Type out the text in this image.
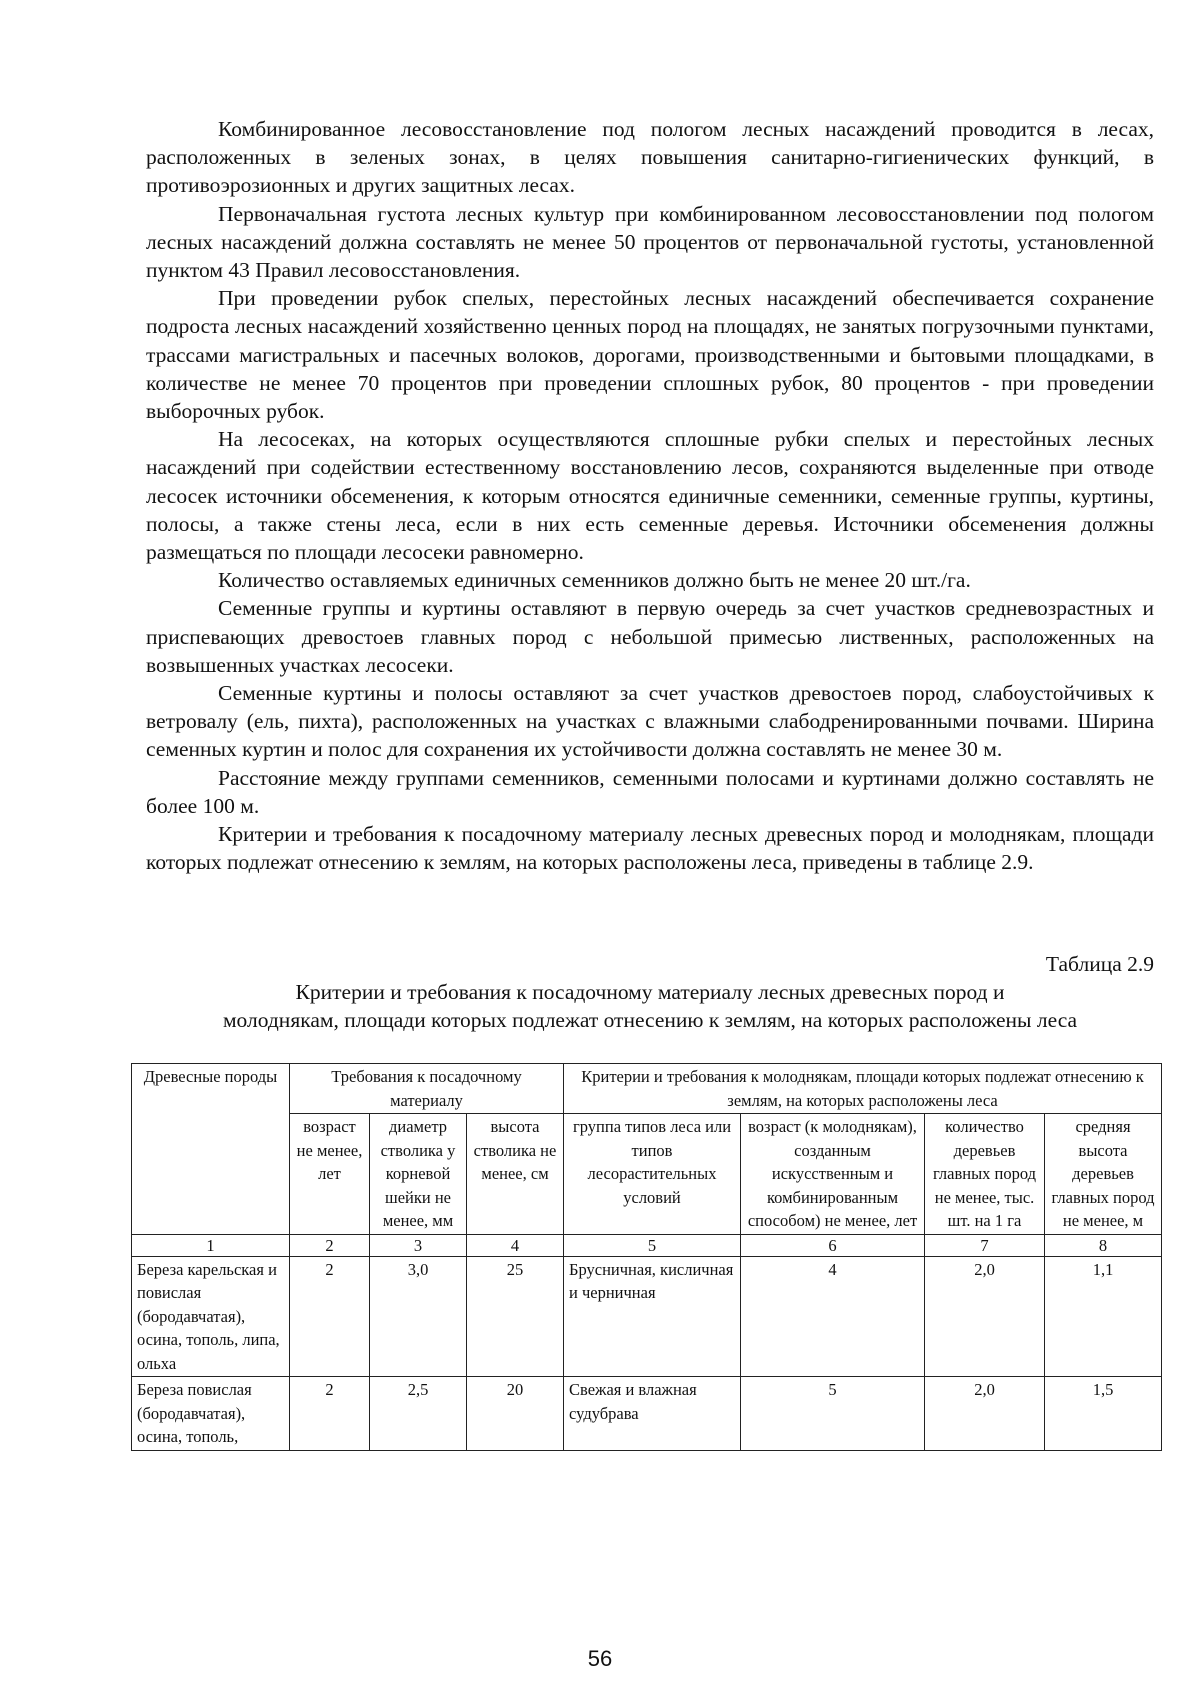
Комбинированное лесовосстановление под пологом лесных насаждений проводится в лесах, расположенных в зеленых зонах, в целях повышения санитарно-гигиенических функций, в противоэрозионных и других защитных лесах.

Первоначальная густота лесных культур при комбинированном лесовосстановлении под пологом лесных насаждений должна составлять не менее 50 процентов от первоначальной густоты, установленной пунктом 43 Правил лесовосстановления.

При проведении рубок спелых, перестойных лесных насаждений обеспечивается сохранение подроста лесных насаждений хозяйственно ценных пород на площадях, не занятых погрузочными пунктами, трассами магистральных и пасечных волоков, дорогами, производственными и бытовыми площадками, в количестве не менее 70 процентов при проведении сплошных рубок, 80 процентов - при проведении выборочных рубок.

На лесосеках, на которых осуществляются сплошные рубки спелых и перестойных лесных насаждений при содействии естественному восстановлению лесов, сохраняются выделенные при отводе лесосек источники обсеменения, к которым относятся единичные семенники, семенные группы, куртины, полосы, а также стены леса, если в них есть семенные деревья. Источники обсеменения должны размещаться по площади лесосеки равномерно.

Количество оставляемых единичных семенников должно быть не менее 20 шт./га.

Семенные группы и куртины оставляют в первую очередь за счет участков средневозрастных и приспевающих древостоев главных пород с небольшой примесью лиственных, расположенных на возвышенных участках лесосеки.

Семенные куртины и полосы оставляют за счет участков древостоев пород, слабоустойчивых к ветровалу (ель, пихта), расположенных на участках с влажными слабодренированными почвами. Ширина семенных куртин и полос для сохранения их устойчивости должна составлять не менее 30 м.

Расстояние между группами семенников, семенными полосами и куртинами должно составлять не более 100 м.

Критерии и требования к посадочному материалу лесных древесных пород и молоднякам, площади которых подлежат отнесению к землям, на которых расположены леса, приведены в таблице 2.9.

Таблица 2.9
Критерии и требования к посадочному материалу лесных древесных пород и
молоднякам, площади которых подлежат отнесению к землям, на которых расположены леса
Древесные породы	Требования к посадочному материалу			Критерии и требования к молоднякам, площади которых подлежат отнесению к землям, на которых расположены леса			
	возраст не менее, лет	диаметр стволика у корневой шейки не менее, мм	высота стволика не менее, см	группа типов леса или типов лесорастительных условий	возраст (к молоднякам), созданным искусственным и комбинированным способом) не менее, лет	количество деревьев главных пород не менее, тыс. шт. на 1 га	средняя высота деревьев главных пород не менее, м
1	2	3	4	5	6	7	8
Береза карельская и повислая (бородавчатая), осина, тополь, липа, ольха	2	3,0	25	Брусничная, кисличная и черничная	4	2,0	1,1
Береза повислая (бородавчатая), осина, тополь,	2	2,5	20	Свежая и влажная судубрава	5	2,0	1,5
56
